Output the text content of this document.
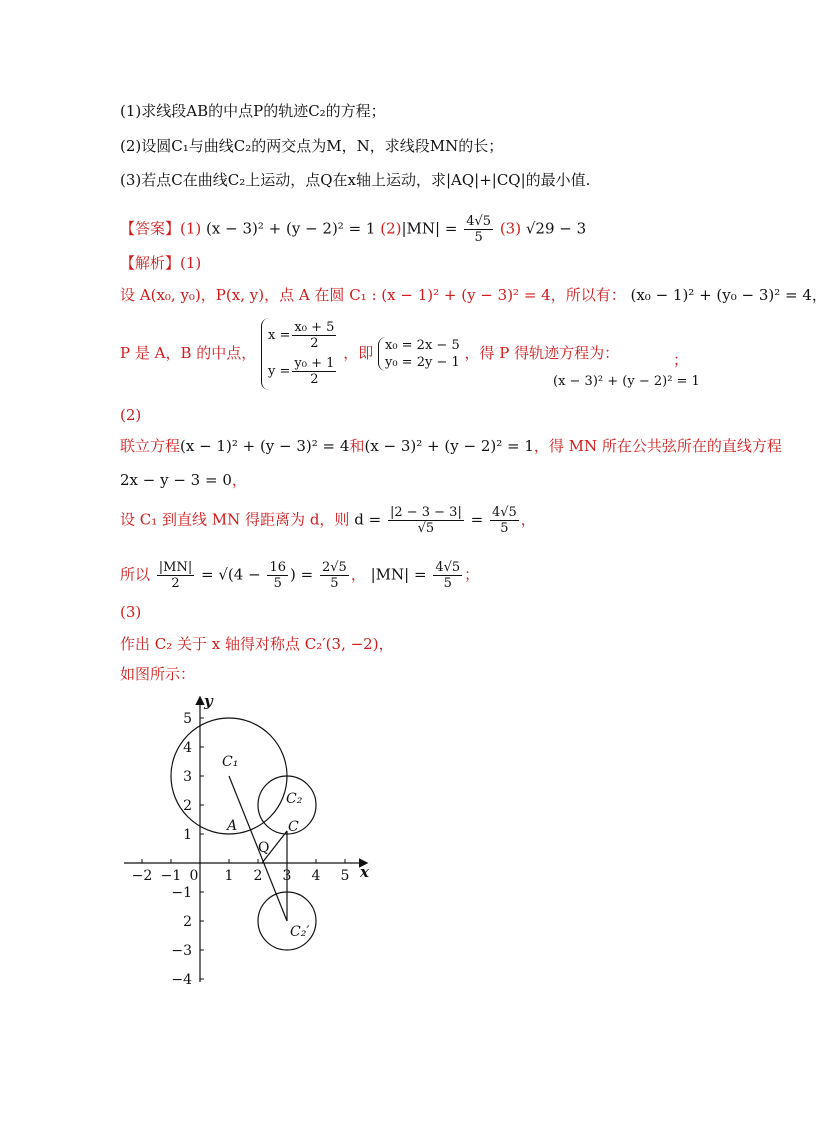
(1)求线段AB的中点P的轨迹C₂的方程；
(2)设圆C₁与曲线C₂的两交点为M，N，求线段MN的长；
(3)若点C在曲线C₂上运动，点Q在x轴上运动，求|AQ|+|CQ|的最小值.
【答案】(1) (x − 3)² + (y − 2)² = 1 $(2)|MN| = \frac{4√5}{5} (3) √29 - 3$
【解析】(1)
设 A(x₀, y₀)，P(x, y)，点 A 在圆 C₁ : (x − 1)² + (y − 3)² = 4，所以有： (x₀ − 1)² + (y₀ − 3)² = 4，
P 是 A，B 的中点，
$x = \frac{\text{x₀ + 5}}{2}$
$y = \frac{\text{y₀ + 1}}{2}$
，即 x₀ = 2x − 5
y₀ = 2y − 1
，得 P 得轨迹方程为：	；
(x − 3)² + (y − 2)² = 1
(2)
联立方程(x − 1)² + (y − 3)² = 4和(x − 3)² + (y − 2)² = 1，得 MN 所在公共弦所在的直线方程
2x − y − 3 = 0，
设 C₁ 到直线 MN 得距离为 d，则 $d = \frac{|2 - 3 - 3|}{√5} = \frac{4√5}{5}$ ，
所以 $\frac{|MN|}{2} = √(4 - \frac{16}{5}$ ) = $\frac{2√5}{5}$ ， $|MN| = \frac{4√5}{5}$ ；
(3)
作出 C₂ 关于 x 轴得对称点 C₂′(3, −2)，
如图所示：
−2 −1 0 1 2 3 4 5
5
4
3
2
1
−1
2
−3
−4
x
y
C₁
C₂
C
A
Q
C₂′
